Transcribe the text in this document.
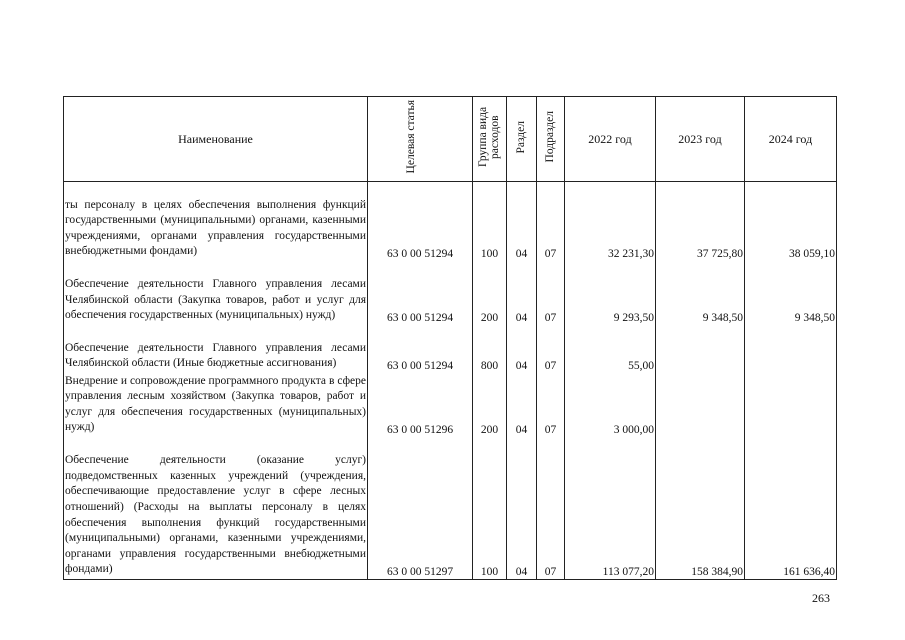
Наименование	Целевая статья	Группа вида расходов	Раздел	Подраздел	2022 год	2023 год	2024 год

ты персоналу в целях обеспечения выполнения функций государственными (муниципальными) органами, казенными учреждениями, органами управления государственными внебюджетными фондами)	63 0 00 51294	100	04	07	32 231,30	37 725,80	38 059,10

Обеспечение деятельности Главного управления лесами Челябинской области (Закупка товаров, работ и услуг для обеспечения государственных (муниципальных) нужд)	63 0 00 51294	200	04	07	9 293,50	9 348,50	9 348,50

Обеспечение деятельности Главного управления лесами Челябинской области (Иные бюджетные ассигнования)	63 0 00 51294	800	04	07	55,00		

Внедрение и сопровождение программного продукта в сфере управления лесным хозяйством (Закупка товаров, работ и услуг для обеспечения государственных (муниципальных) нужд)	63 0 00 51296	200	04	07	3 000,00		

Обеспечение деятельности (оказание услуг) подведомственных казенных учреждений (учреждения, обеспечивающие предоставление услуг в сфере лесных отношений) (Расходы на выплаты персоналу в целях обеспечения выполнения функций государственными (муниципальными) органами, казенными учреждениями, органами управления государственными внебюджетными фондами)	63 0 00 51297	100	04	07	113 077,20	158 384,90	161 636,40
263
